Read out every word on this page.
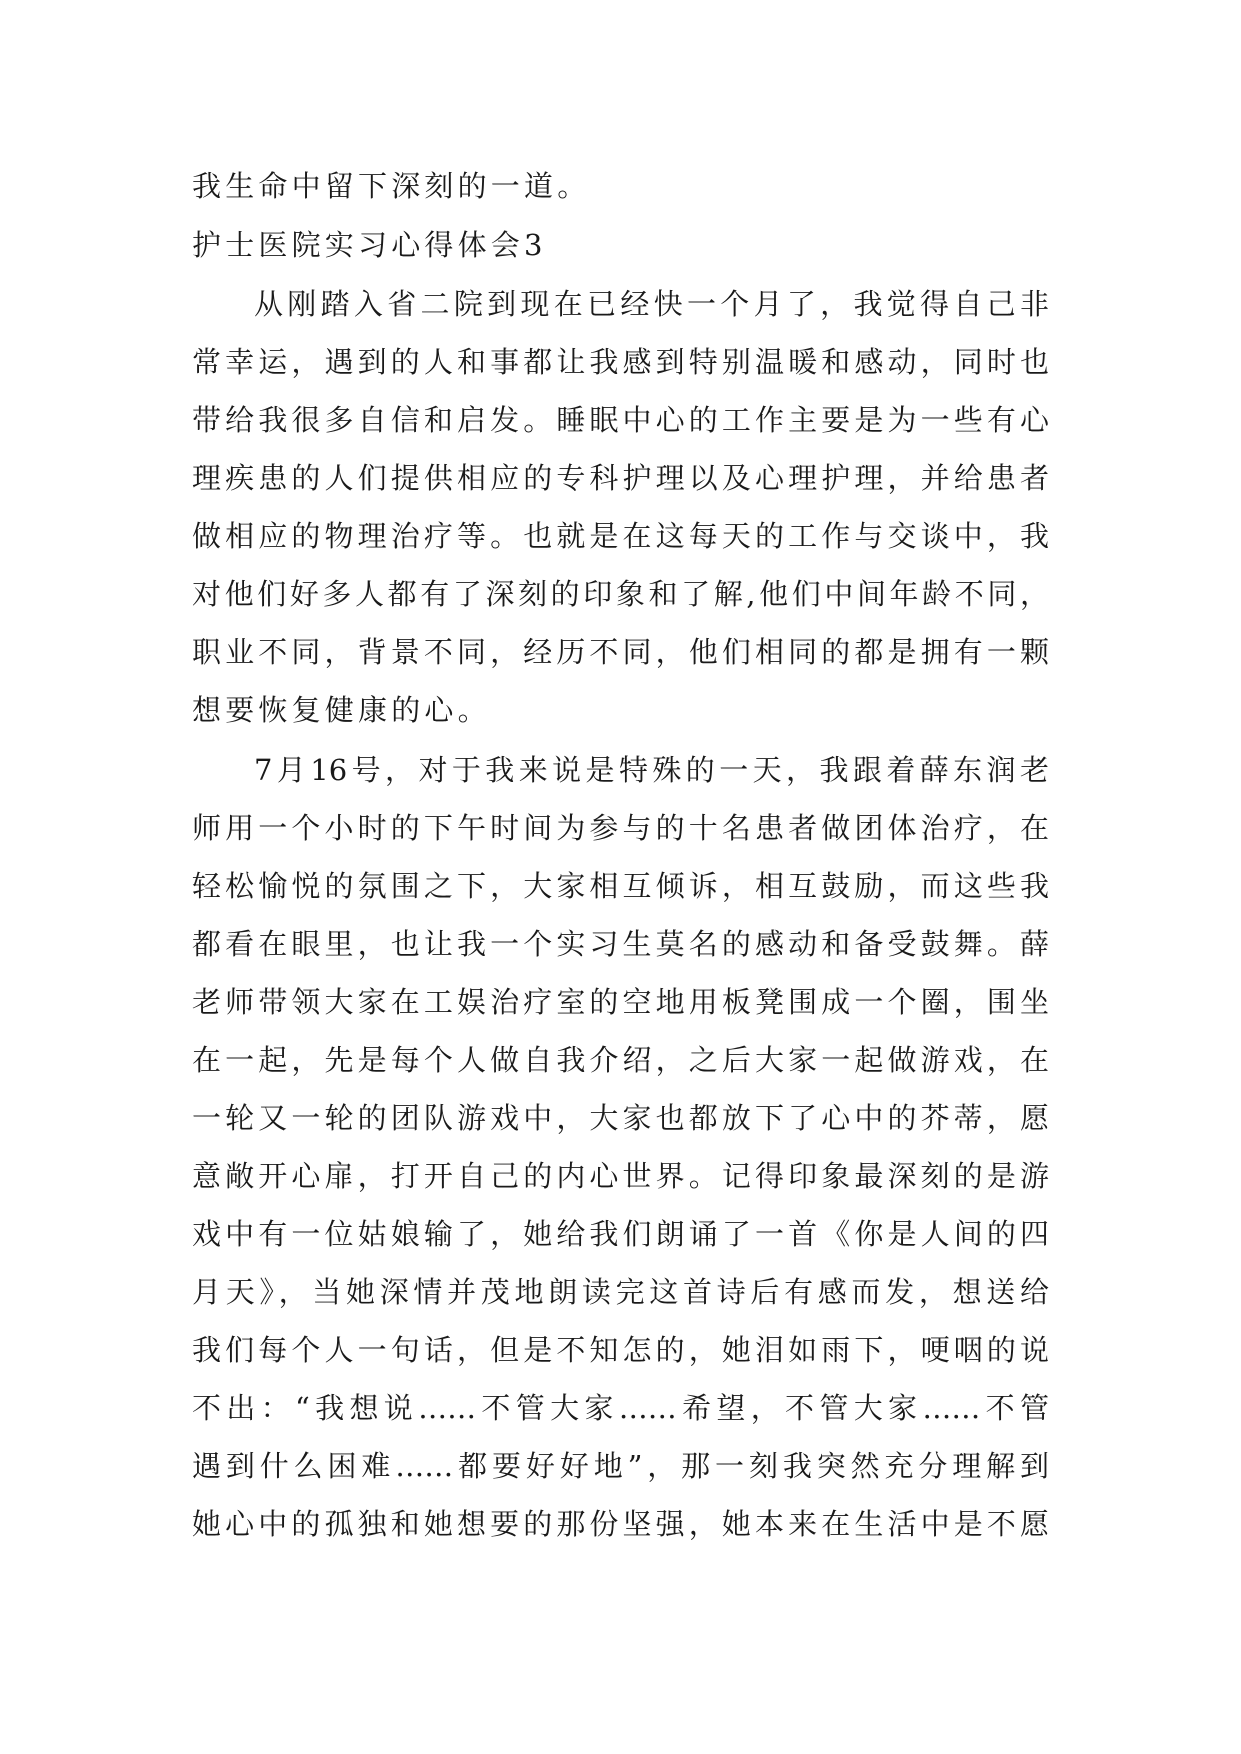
我生命中留下深刻的一道。
护士医院实习心得体会3
从刚踏入省二院到现在已经快一个月了，我觉得自己非
常幸运，遇到的人和事都让我感到特别温暖和感动，同时也
带给我很多自信和启发。睡眠中心的工作主要是为一些有心
理疾患的人们提供相应的专科护理以及心理护理，并给患者
做相应的物理治疗等。也就是在这每天的工作与交谈中，我
对他们好多人都有了深刻的印象和了解,他们中间年龄不同，
职业不同，背景不同，经历不同，他们相同的都是拥有一颗
想要恢复健康的心。
7月16号，对于我来说是特殊的一天，我跟着薛东润老
师用一个小时的下午时间为参与的十名患者做团体治疗，在
轻松愉悦的氛围之下，大家相互倾诉，相互鼓励，而这些我
都看在眼里，也让我一个实习生莫名的感动和备受鼓舞。薛
老师带领大家在工娱治疗室的空地用板凳围成一个圈，围坐
在一起，先是每个人做自我介绍，之后大家一起做游戏，在
一轮又一轮的团队游戏中，大家也都放下了心中的芥蒂，愿
意敞开心扉，打开自己的内心世界。记得印象最深刻的是游
戏中有一位姑娘输了，她给我们朗诵了一首《你是人间的四
月天》，当她深情并茂地朗读完这首诗后有感而发，想送给
我们每个人一句话，但是不知怎的，她泪如雨下，哽咽的说
不出：“我想说……不管大家……希望，不管大家……不管
遇到什么困难……都要好好地”，那一刻我突然充分理解到
她心中的孤独和她想要的那份坚强，她本来在生活中是不愿
